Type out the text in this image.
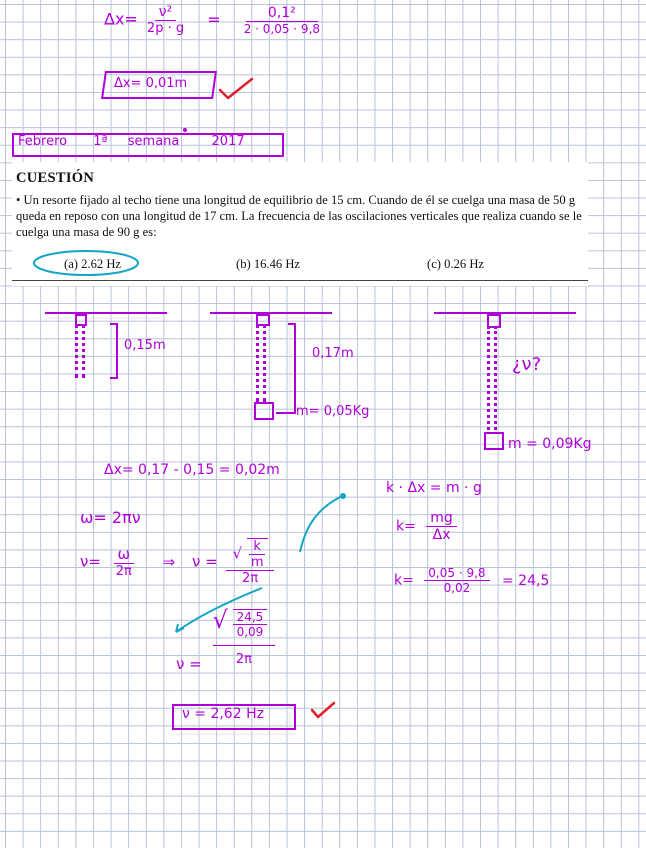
$\Delta x= \frac{\text{ν²}}{2p \cdot g} = \frac{\text{0,1²}}{2 \cdot 0,05 \cdot 9,8}$
Δx= 0,01m
Febrero 1ª semana 2017
CUESTIÓN
• Un resorte fijado al techo tiene una longitud de equilibrio de 15 cm. Cuando de él se cuelga una masa de 50 g queda en reposo con una longitud de 17 cm. La frecuencia de las oscilaciones verticales que realiza cuando se le cuelga una masa de 90 g es:
(a) 2.62 Hz	(b) 16.46 Hz	(c) 0.26 Hz
0,15m
0,17m
m= 0,05Kg
¿ν?
m = 0,09Kg
Δx= 0,17 - 0,15 = 0,02m
ω= 2πν
$\nu= \frac{\omega}{2\pi}$ ⇒ $\nu = \frac{√ \frac{k}{m}}{2\pi}$
k · Δx = m · g
$k= \frac{mg}{\Delta x}$
$k= \frac{0,05 \cdot 9,8}{0,02} = 24,5$
$\nu = \frac{√ \frac{24,5}{0,09}}{2\pi}$
ν = 2,62 Hz
